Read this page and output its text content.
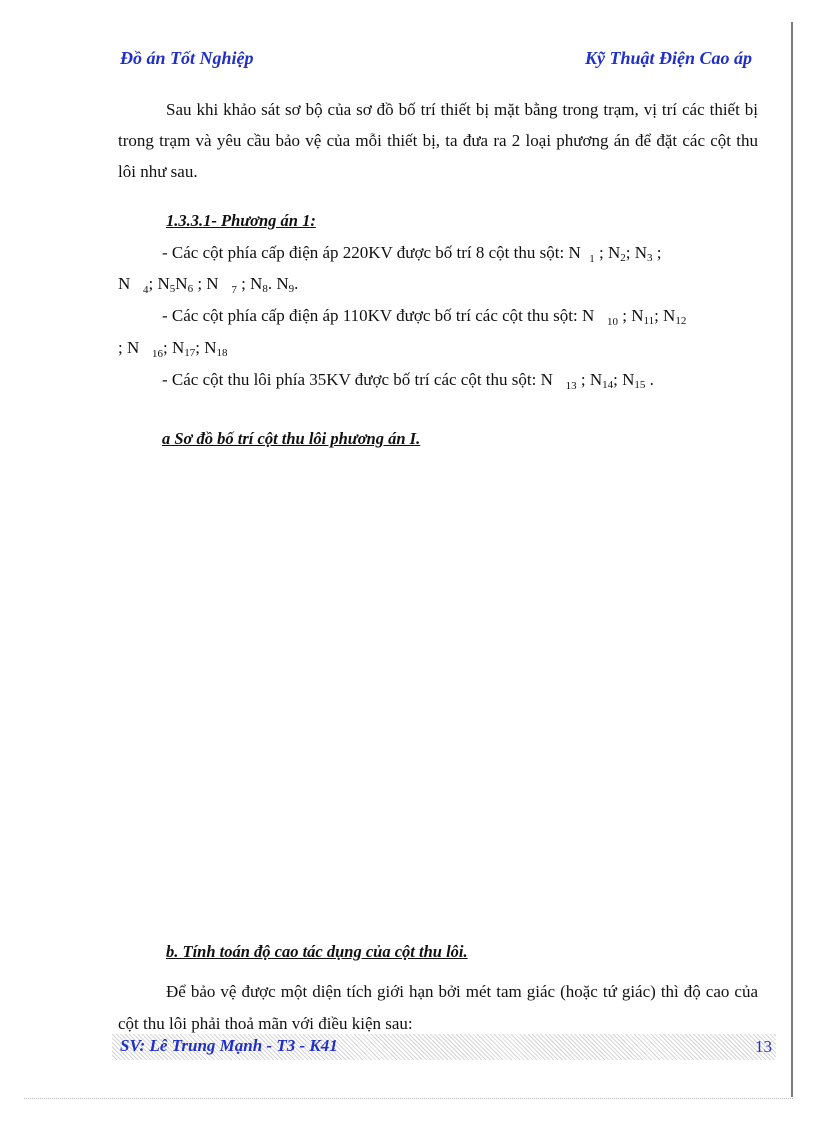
Đồ án Tốt Nghiệp	Kỹ Thuật Điện Cao áp

Sau khi khảo sát sơ bộ của sơ đồ bố trí thiết bị mặt bằng trong trạm, vị trí các thiết bị trong trạm và yêu cầu bảo vệ của mỗi thiết bị, ta đưa ra 2 loại phương án để đặt các cột thu lôi như sau.

1.3.3.1- Phương án 1:
- Các cột phía cấp điện áp 220KV được bố trí 8 cột thu sột: N $_1$ ; $N_2$; $N_3$ ;
N $_4$; $N_5N_6$ ; N   $_7$ ; $N_8$. $N_9$.
- Các cột phía cấp điện áp 110KV được bố trí các cột thu sột: N $_{10}$ ; $N_{11}$; $N_{12}$
; N   $_{16}$; $N_{17}$; $N_{18}$
- Các cột thu lôi phía 35KV được bố trí các cột thu sột: N $_{13}$ ; $N_{14}$; $N_{15}$ .
a Sơ đồ bố trí cột thu lôi phương án I.
b. Tính toán độ cao tác dụng của cột thu lôi.

Để bảo vệ được một diện tích giới hạn bởi mét tam giác (hoặc tứ giác) thì độ cao của cột thu lôi phải thoả mãn với điều kiện sau:

SV: Lê Trung Mạnh - T3 - K41	13
